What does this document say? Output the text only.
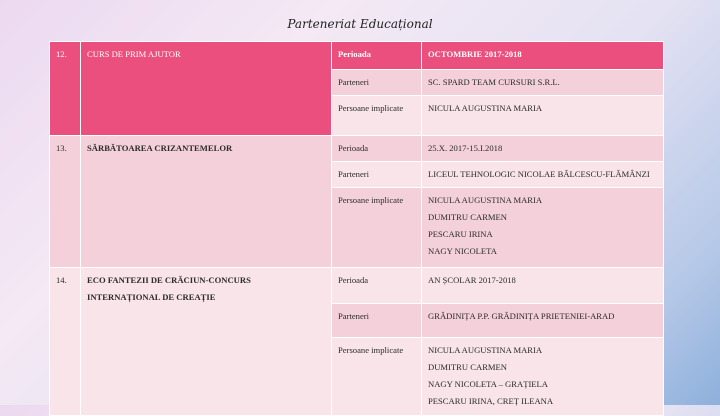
Parteneriat Educațional
12.	CURS DE PRIM AJUTOR	Perioada	OCTOMBRIE 2017-2018
		Parteneri	SC. SPARD TEAM CURSURI S.R.L.
		Persoane implicate	NICULA AUGUSTINA MARIA

13.	SĂRBĂTOAREA CRIZANTEMELOR	Perioada	25.X. 2017-15.I.2018
		Parteneri	LICEUL TEHNOLOGIC NICOLAE BĂLCESCU-FLĂMÂNZI
		Persoane implicate	NICULA AUGUSTINA MARIA
DUMITRU CARMEN
PESCARU IRINA
NAGY NICOLETA

14.	ECO FANTEZII DE CRĂCIUN-CONCURS INTERNAȚIONAL DE CREAȚIE	Perioada	AN ȘCOLAR 2017-2018
		Parteneri	GRĂDINIȚA P.P. GRĂDINIȚA PRIETENIEI-ARAD
		Persoane implicate	NICULA AUGUSTINA MARIA
DUMITRU CARMEN
NAGY NICOLETA – GRAȚIELA
PESCARU IRINA, CREȚ ILEANA
